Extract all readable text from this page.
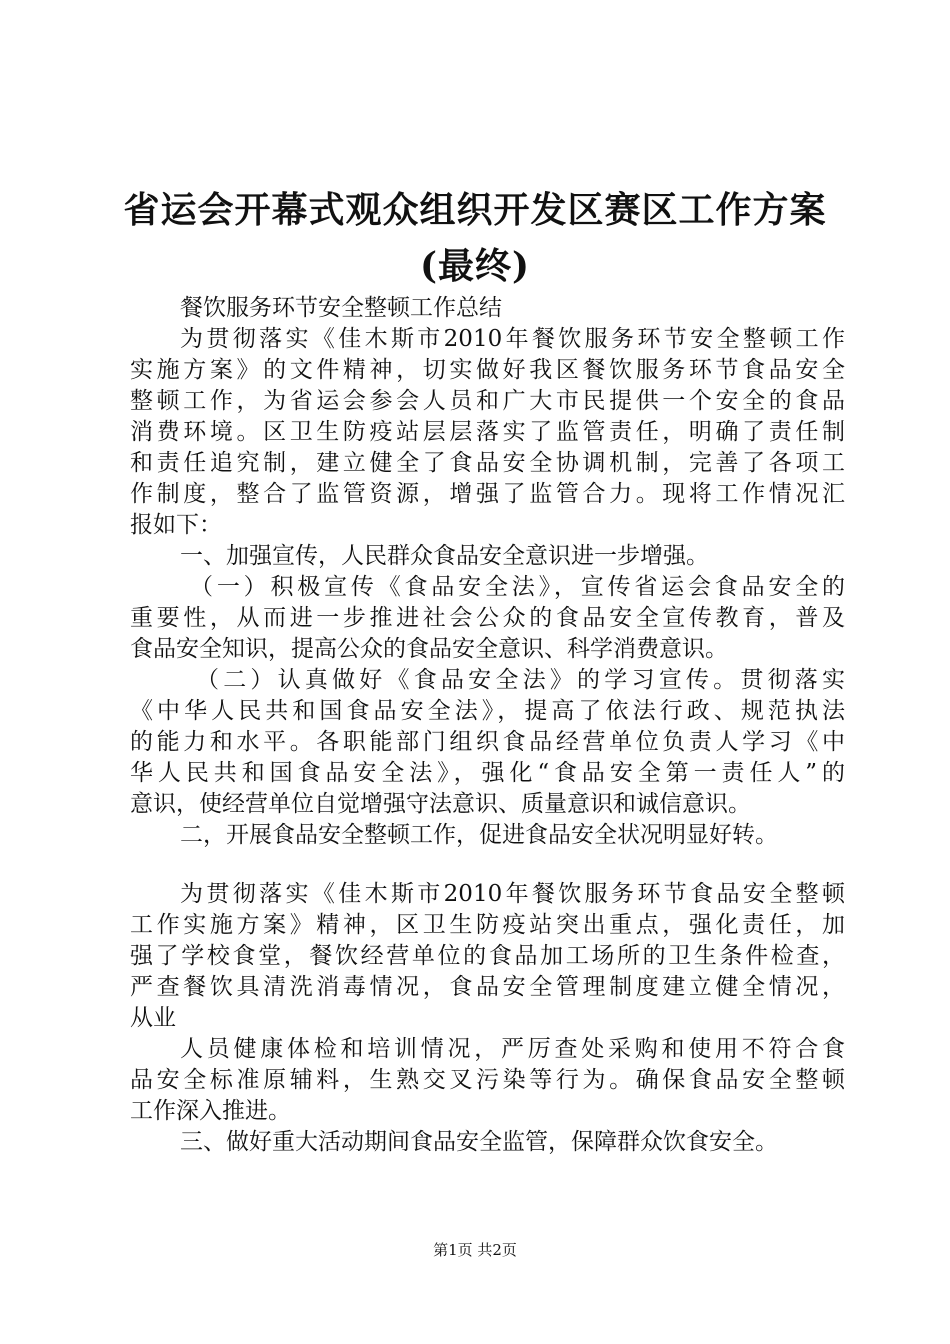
省运会开幕式观众组织开发区赛区工作方案
(最终)
餐饮服务环节安全整顿工作总结
为贯彻落实《佳木斯市2010年餐饮服务环节安全整顿工作
实施方案》的文件精神，切实做好我区餐饮服务环节食品安全
整顿工作，为省运会参会人员和广大市民提供一个安全的食品
消费环境。区卫生防疫站层层落实了监管责任，明确了责任制
和责任追究制，建立健全了食品安全协调机制，完善了各项工
作制度，整合了监管资源，增强了监管合力。现将工作情况汇
报如下：
一、加强宣传，人民群众食品安全意识进一步增强。
（一）积极宣传《食品安全法》，宣传省运会食品安全的
重要性，从而进一步推进社会公众的食品安全宣传教育，普及
食品安全知识，提高公众的食品安全意识、科学消费意识。
（二）认真做好《食品安全法》的学习宣传。贯彻落实
《中华人民共和国食品安全法》，提高了依法行政、规范执法
的能力和水平。各职能部门组织食品经营单位负责人学习《中
华人民共和国食品安全法》，强化“食品安全第一责任人”的
意识，使经营单位自觉增强守法意识、质量意识和诚信意识。
二，开展食品安全整顿工作，促进食品安全状况明显好转。
为贯彻落实《佳木斯市2010年餐饮服务环节食品安全整顿
工作实施方案》精神，区卫生防疫站突出重点，强化责任，加
强了学校食堂，餐饮经营单位的食品加工场所的卫生条件检查，
严查餐饮具清洗消毒情况，食品安全管理制度建立健全情况，
从业
人员健康体检和培训情况，严厉查处采购和使用不符合食
品安全标准原辅料，生熟交叉污染等行为。确保食品安全整顿
工作深入推进。
三、做好重大活动期间食品安全监管，保障群众饮食安全。
第1页 共2页
